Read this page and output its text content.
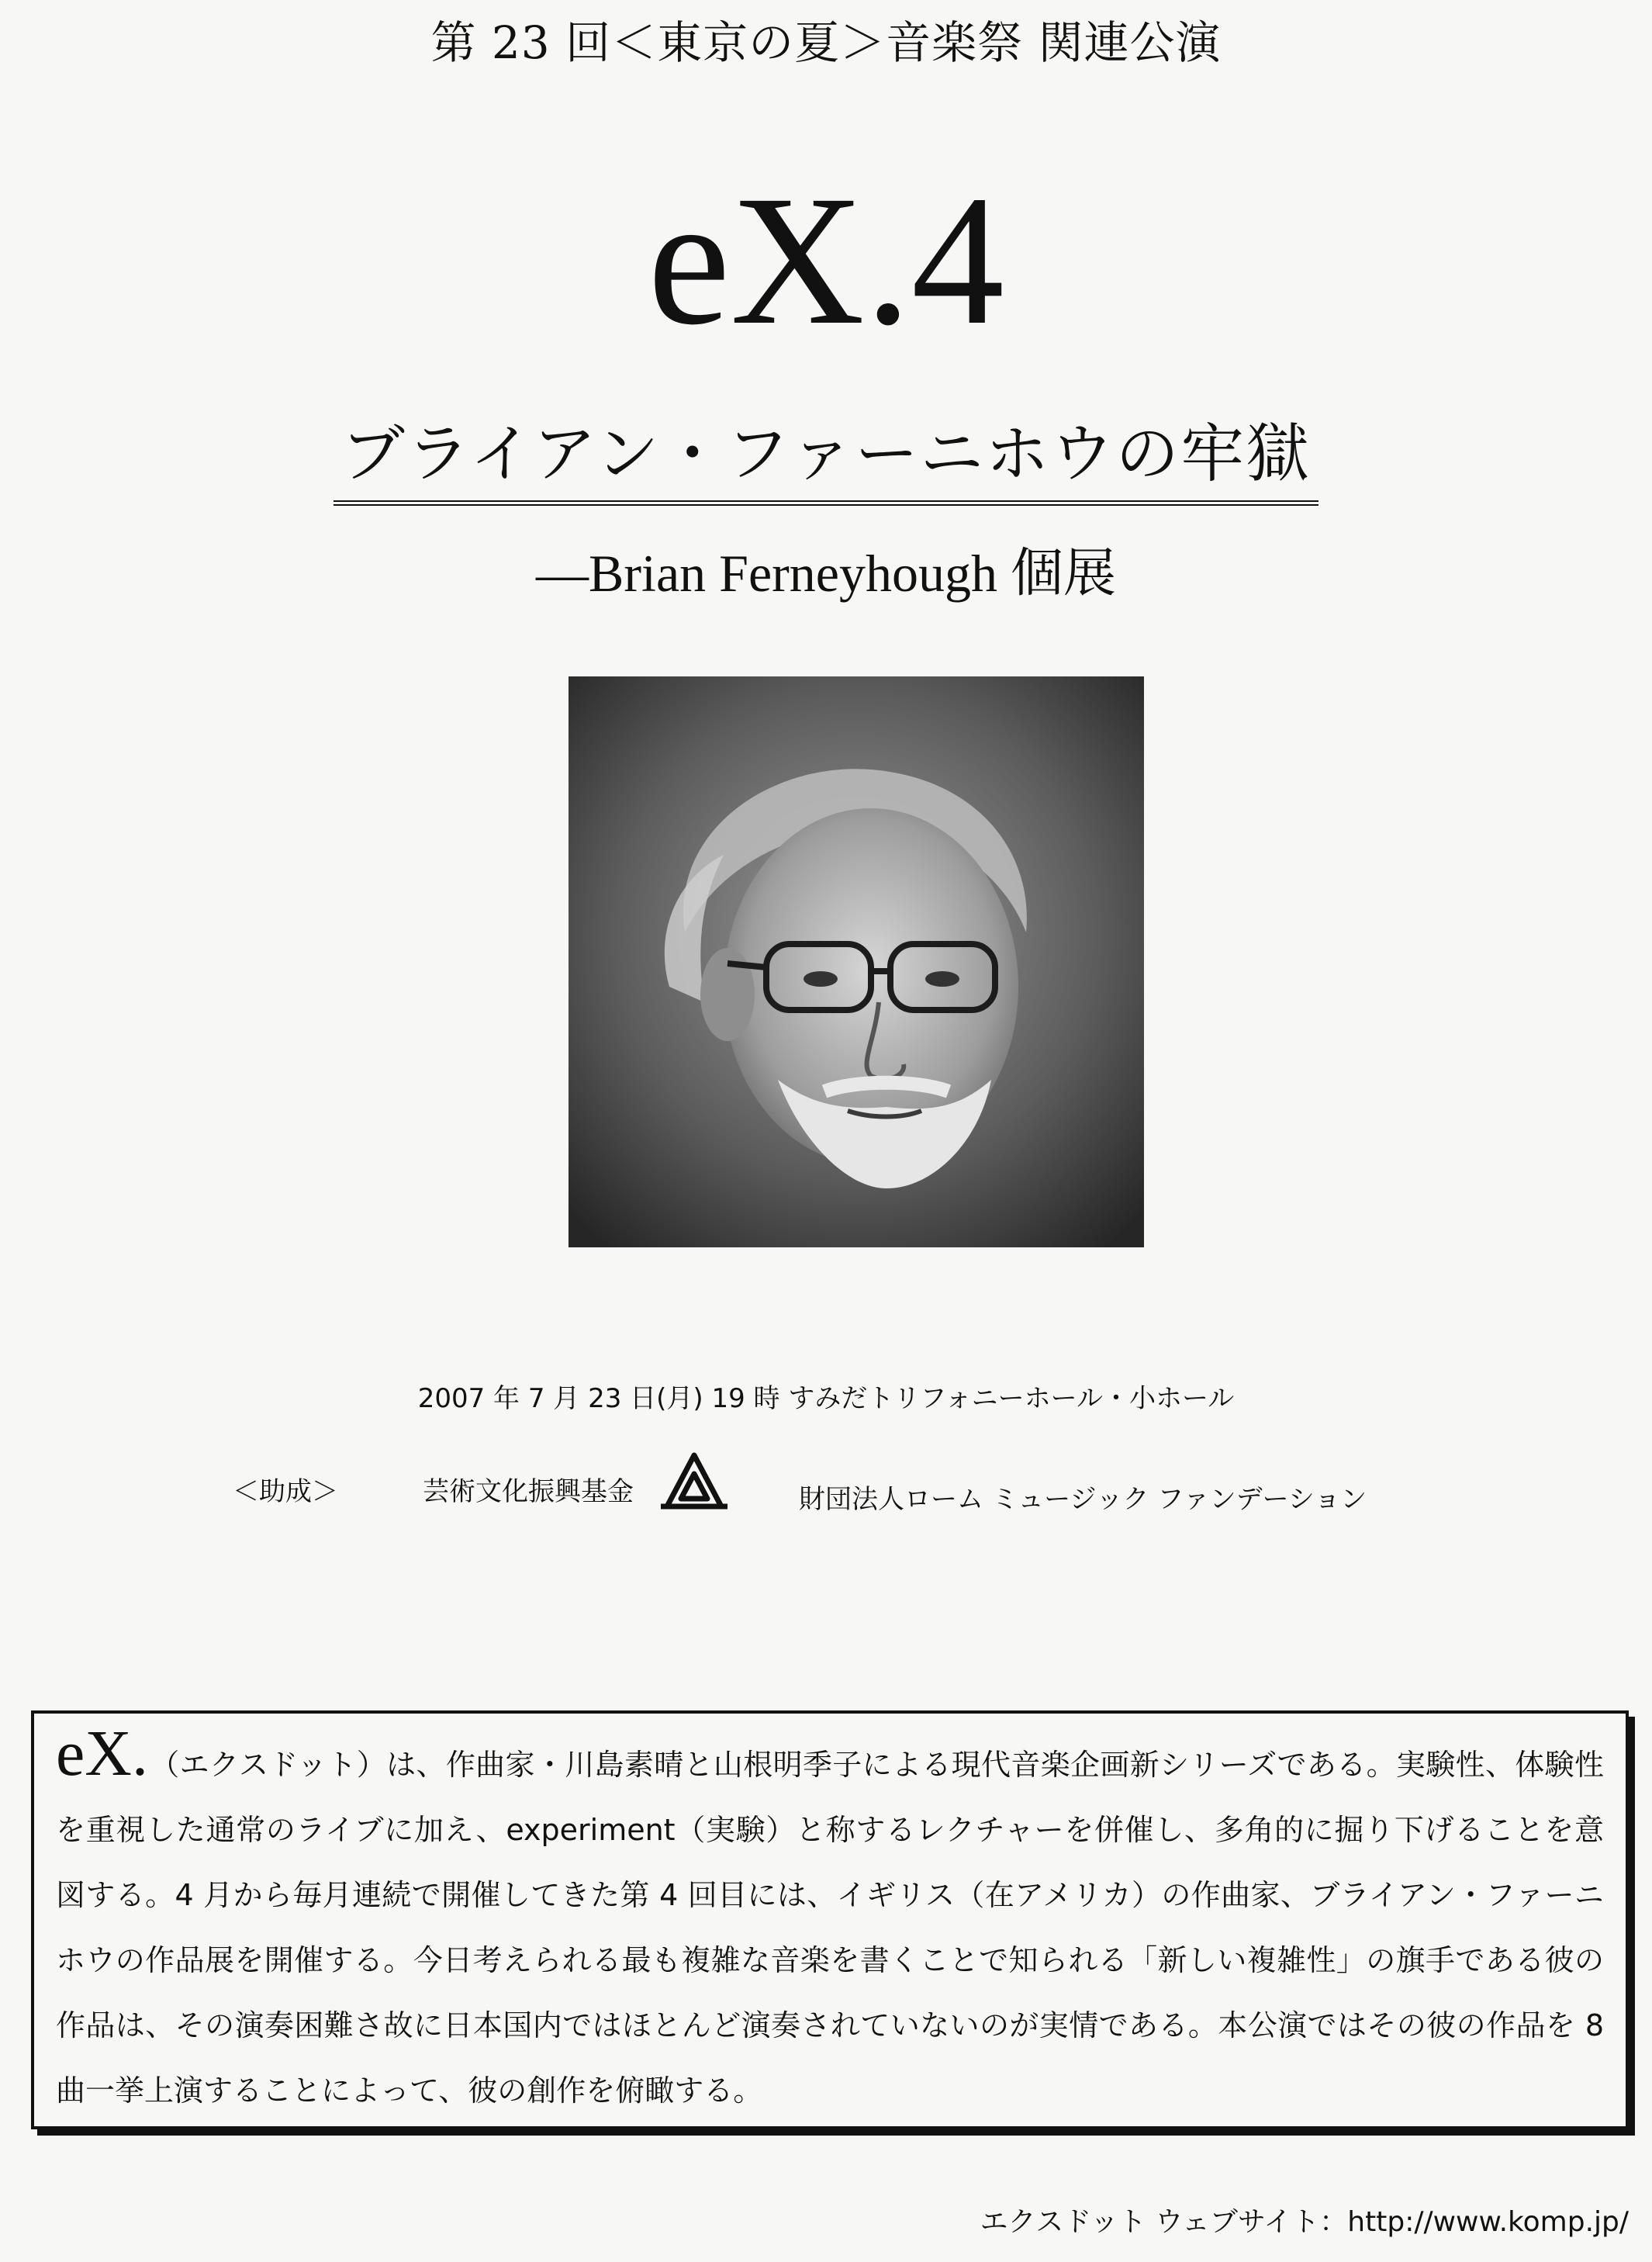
第 23 回＜東京の夏＞音楽祭 関連公演
eX.4
ブライアン・ファーニホウの牢獄
―Brian Ferneyhough 個展
2007 年 7 月 23 日(月) 19 時 すみだトリフォニーホール・小ホール
＜助成＞	芸術文化振興基金	財団法人ローム ミュージック ファンデーション
eX.（エクスドット）は、作曲家・川島素晴と山根明季子による現代音楽企画新シリーズである。実験性、体験性を重視した通常のライブに加え、experiment（実験）と称するレクチャーを併催し、多角的に掘り下げることを意図する。4 月から毎月連続で開催してきた第 4 回目には、イギリス（在アメリカ）の作曲家、ブライアン・ファーニホウの作品展を開催する。今日考えられる最も複雑な音楽を書くことで知られる「新しい複雑性」の旗手である彼の作品は、その演奏困難さ故に日本国内ではほとんど演奏されていないのが実情である。本公演ではその彼の作品を 8 曲一挙上演することによって、彼の創作を俯瞰する。
エクスドット ウェブサイト：http://www.komp.jp/
